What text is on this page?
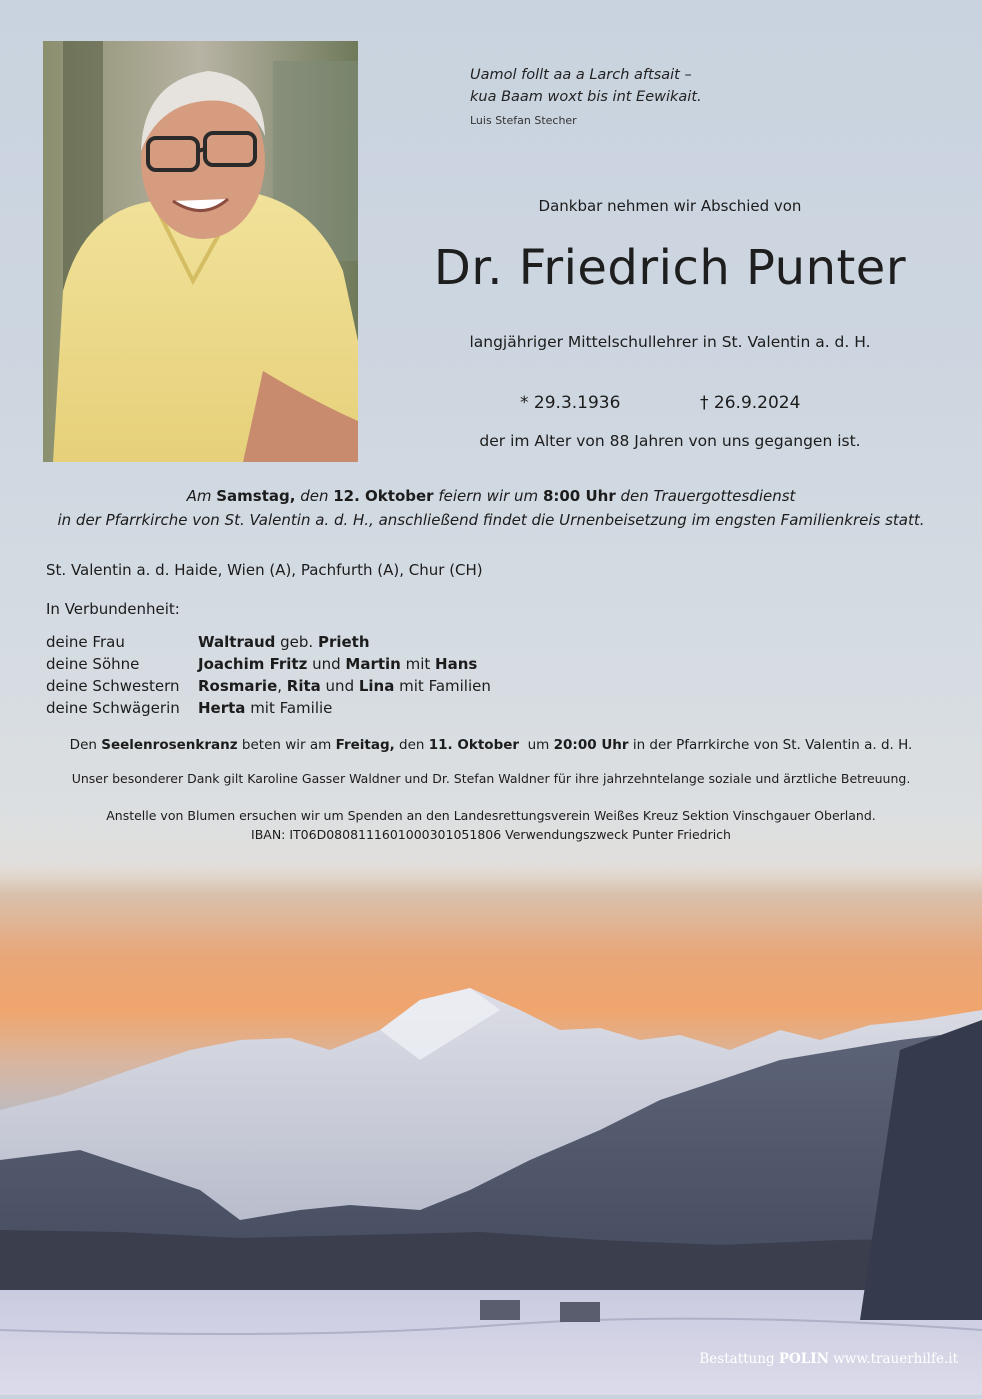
Uamol follt aa a Larch aftsait –
kua Baam woxt bis int Eewikait.
Luis Stefan Stecher
Dankbar nehmen wir Abschied von
Dr. Friedrich Punter
langjähriger Mittelschullehrer in St. Valentin a. d. H.
* 29.3.1936	† 26.9.2024
der im Alter von 88 Jahren von uns gegangen ist.
Am Samstag, den 12. Oktober feiern wir um 8:00 Uhr den Trauergottesdienst
in der Pfarrkirche von St. Valentin a. d. H., anschließend findet die Urnenbeisetzung im engsten Familienkreis statt.
St. Valentin a. d. Haide, Wien (A), Pachfurth (A), Chur (CH)
In Verbundenheit:
deine Frau	Waltraud geb. Prieth
deine Söhne	Joachim Fritz und Martin mit Hans
deine Schwestern	Rosmarie, Rita und Lina mit Familien
deine Schwägerin	Herta mit Familie
Den Seelenrosenkranz beten wir am Freitag, den 11. Oktober  um 20:00 Uhr in der Pfarrkirche von St. Valentin a. d. H.
Unser besonderer Dank gilt Karoline Gasser Waldner und Dr. Stefan Waldner für ihre jahrzehntelange soziale und ärztliche Betreuung.
Anstelle von Blumen ersuchen wir um Spenden an den Landesrettungsverein Weißes Kreuz Sektion Vinschgauer Oberland.
IBAN: IT06D0808111601000301051806 Verwendungszweck Punter Friedrich
Bestattung POLIN www.trauerhilfe.it
